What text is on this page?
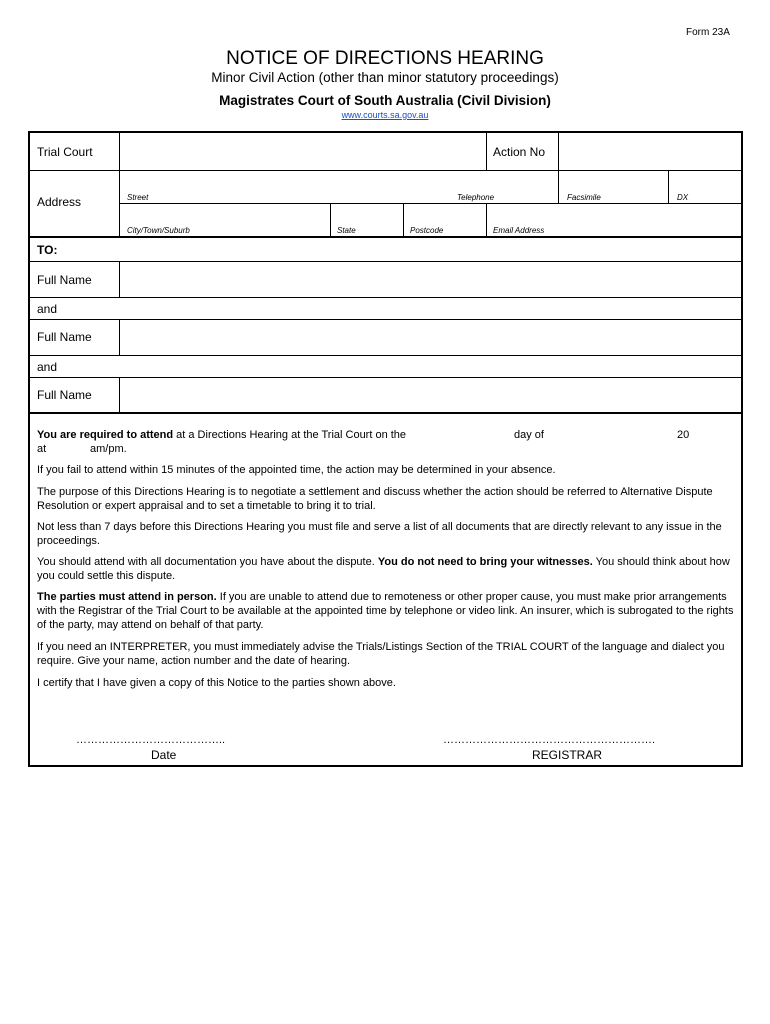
Form 23A
NOTICE OF DIRECTIONS HEARING
Minor Civil Action (other than minor statutory proceedings)
Magistrates Court of South Australia (Civil Division)
www.courts.sa.gov.au
Trial Court	Action No
Address	Street	Telephone	Facsimile	DX
City/Town/Suburb	State	Postcode	Email Address
TO:
Full Name
and
Full Name
and
Full Name
You are required to attend at a Directions Hearing at the Trial Court on the	day of	20
at	am/pm.
If you fail to attend within 15 minutes of the appointed time, the action may be determined in your absence.
The purpose of this Directions Hearing is to negotiate a settlement and discuss whether the action should be referred to Alternative Dispute Resolution or expert appraisal and to set a timetable to bring it to trial.
Not less than 7 days before this Directions Hearing you must file and serve a list of all documents that are directly relevant to any issue in the proceedings.
You should attend with all documentation you have about the dispute. You do not need to bring your witnesses. You should think about how you could settle this dispute.
The parties must attend in person. If you are unable to attend due to remoteness or other proper cause, you must make prior arrangements with the Registrar of the Trial Court to be available at the appointed time by telephone or video link. An insurer, which is subrogated to the rights of the party, may attend on behalf of that party.
If you need an INTERPRETER, you must immediately advise the Trials/Listings Section of the TRIAL COURT of the language and dialect you require. Give your name, action number and the date of hearing.
I certify that I have given a copy of this Notice to the parties shown above.
…………………………………..
Date
………………………………………………….
REGISTRAR
